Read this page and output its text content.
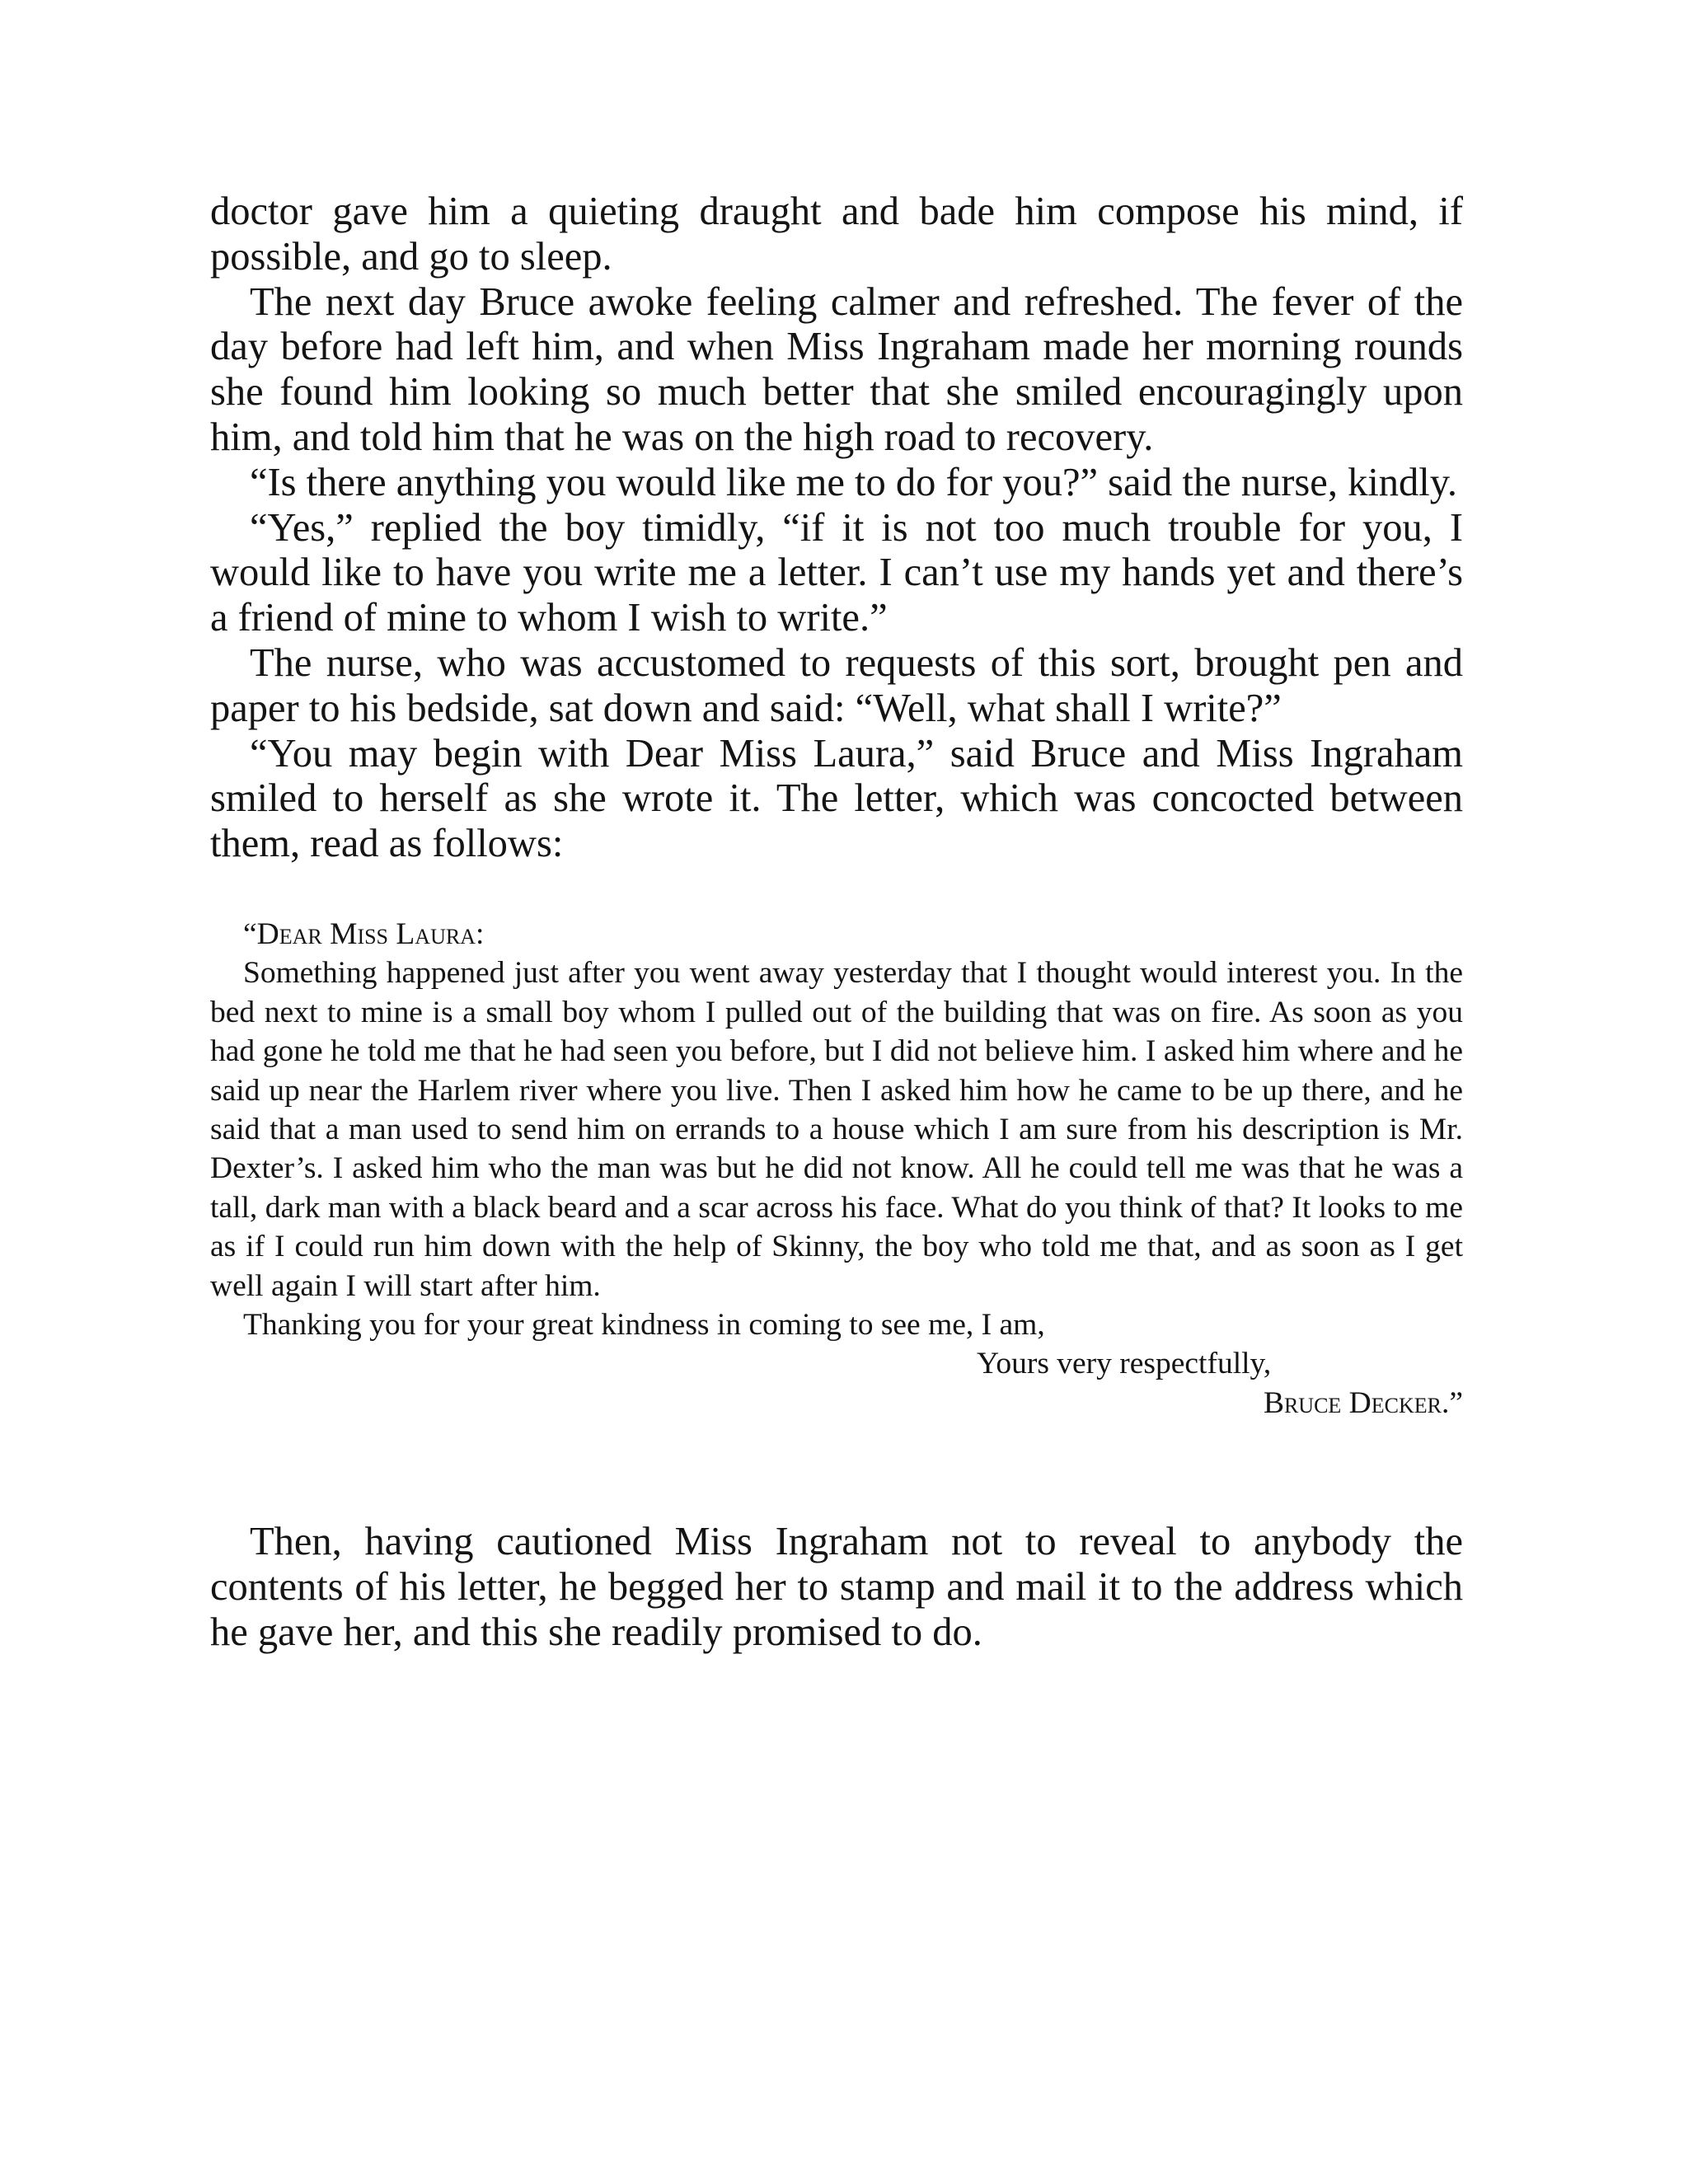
doctor gave him a quieting draught and bade him compose his mind, if possible, and go to sleep.

The next day Bruce awoke feeling calmer and refreshed. The fever of the day before had left him, and when Miss Ingraham made her morning rounds she found him looking so much better that she smiled encouragingly upon him, and told him that he was on the high road to recovery.

“Is there anything you would like me to do for you?” said the nurse, kindly.

“Yes,” replied the boy timidly, “if it is not too much trouble for you, I would like to have you write me a letter. I can’t use my hands yet and there’s a friend of mine to whom I wish to write.”

The nurse, who was accustomed to requests of this sort, brought pen and paper to his bedside, sat down and said: “Well, what shall I write?”

“You may begin with Dear Miss Laura,” said Bruce and Miss Ingraham smiled to herself as she wrote it. The letter, which was concocted between them, read as follows:

“Dear Miss Laura:

Something happened just after you went away yesterday that I thought would interest you. In the bed next to mine is a small boy whom I pulled out of the building that was on fire. As soon as you had gone he told me that he had seen you before, but I did not believe him. I asked him where and he said up near the Harlem river where you live. Then I asked him how he came to be up there, and he said that a man used to send him on errands to a house which I am sure from his description is Mr. Dexter’s. I asked him who the man was but he did not know. All he could tell me was that he was a tall, dark man with a black beard and a scar across his face. What do you think of that? It looks to me as if I could run him down with the help of Skinny, the boy who told me that, and as soon as I get well again I will start after him.

Thanking you for your great kindness in coming to see me, I am,

Yours very respectfully,

Bruce Decker.”

Then, having cautioned Miss Ingraham not to reveal to anybody the contents of his letter, he begged her to stamp and mail it to the address which he gave her, and this she readily promised to do.
